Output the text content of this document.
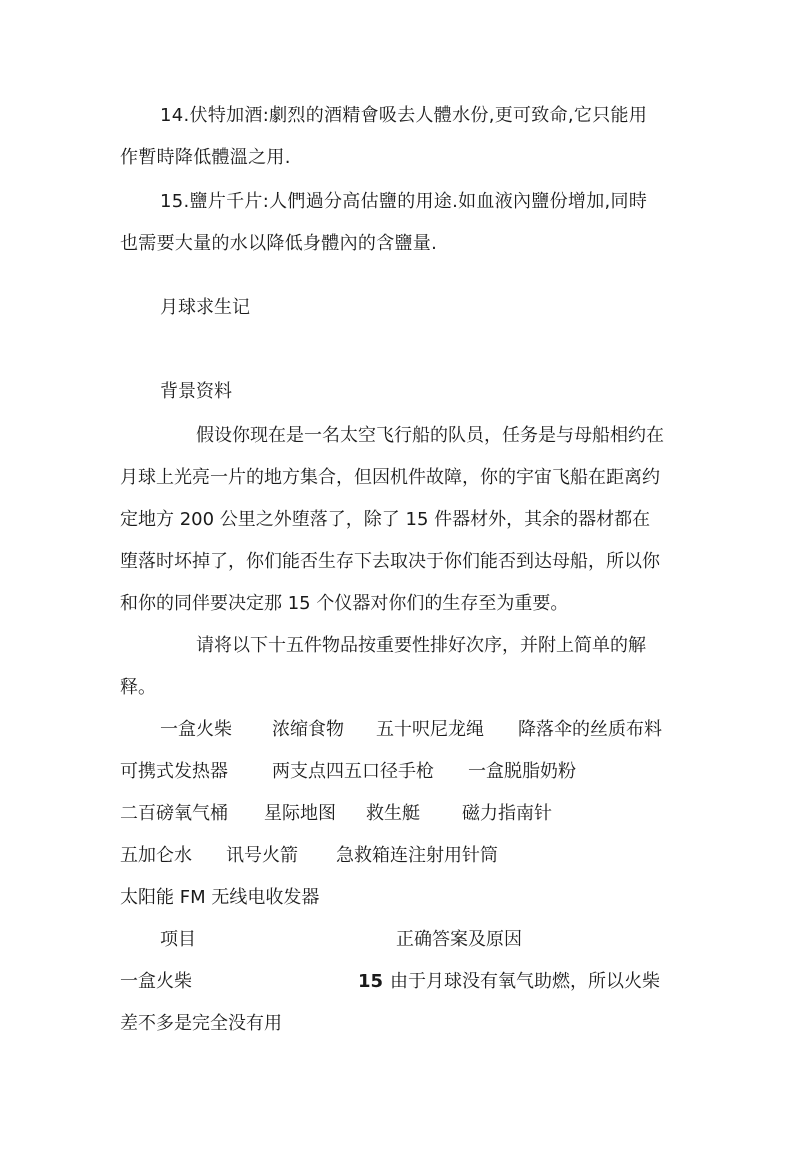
14.伏特加酒:劇烈的酒精會吸去人體水份,更可致命,它只能用
作暫時降低體溫之用.
15.鹽片千片:人們過分高估鹽的用途.如血液內鹽份增加,同時
也需要大量的水以降低身體內的含鹽量.
月球求生记
背景资料
假设你现在是一名太空飞行船的队员，任务是与母船相约在
月球上光亮一片的地方集合，但因机件故障，你的宇宙飞船在距离约
定地方 200 公里之外堕落了，除了 15 件器材外，其余的器材都在
堕落时坏掉了，你们能否生存下去取决于你们能否到达母船，所以你
和你的同伴要决定那 15 个仪器对你们的生存至为重要。
请将以下十五件物品按重要性排好次序，并附上简单的解
释。
一盒火柴 浓缩食物 五十呎尼龙绳 降落伞的丝质布料
可携式发热器 两支点四五口径手枪 一盒脱脂奶粉
二百磅氧气桶 星际地图 救生艇 磁力指南针
五加仑水 讯号火箭 急救箱连注射用针筒
太阳能 FM 无线电收发器
项目	正确答案及原因
一盒火柴	15 由于月球没有氧气助燃，所以火柴
差不多是完全没有用
